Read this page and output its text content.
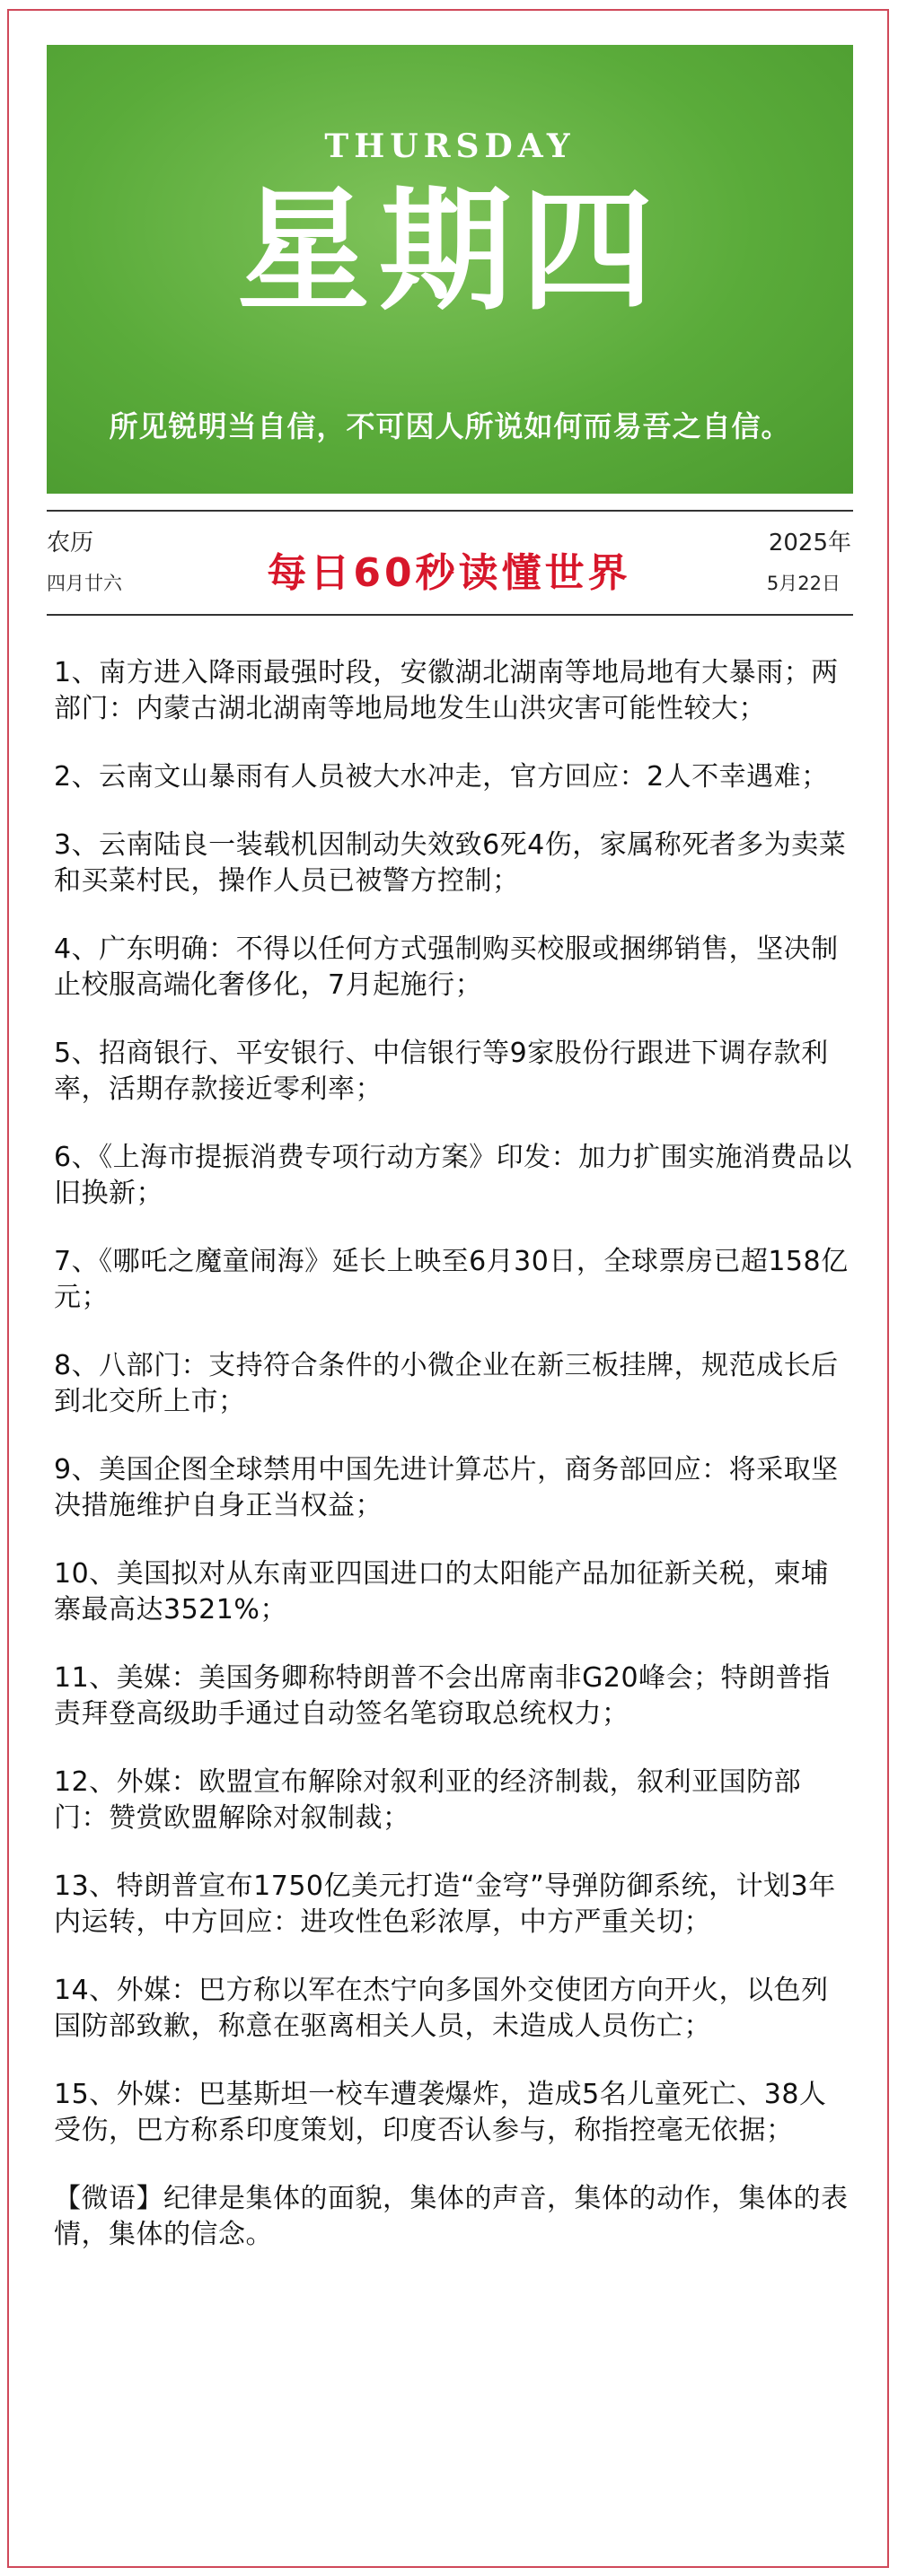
THURSDAY
星期四
所见锐明当自信，不可因人所说如何而易吾之自信。
农历
四月廿六	每日60秒读懂世界
2025年
5月22日

1、南方进入降雨最强时段，安徽湖北湖南等地局地有大暴雨；两部门：内蒙古湖北湖南等地局地发生山洪灾害可能性较大；

2、云南文山暴雨有人员被大水冲走，官方回应：2人不幸遇难；

3、云南陆良一装载机因制动失效致6死4伤，家属称死者多为卖菜和买菜村民，操作人员已被警方控制；

4、广东明确：不得以任何方式强制购买校服或捆绑销售，坚决制止校服高端化奢侈化，7月起施行；

5、招商银行、平安银行、中信银行等9家股份行跟进下调存款利率，活期存款接近零利率；

6、《上海市提振消费专项行动方案》印发：加力扩围实施消费品以旧换新；

7、《哪吒之魔童闹海》延长上映至6月30日，全球票房已超158亿元；

8、八部门：支持符合条件的小微企业在新三板挂牌，规范成长后到北交所上市；

9、美国企图全球禁用中国先进计算芯片，商务部回应：将采取坚决措施维护自身正当权益；

10、美国拟对从东南亚四国进口的太阳能产品加征新关税，柬埔寨最高达3521%；

11、美媒：美国务卿称特朗普不会出席南非G20峰会；特朗普指责拜登高级助手通过自动签名笔窃取总统权力；

12、外媒：欧盟宣布解除对叙利亚的经济制裁，叙利亚国防部门：赞赏欧盟解除对叙制裁；

13、特朗普宣布1750亿美元打造“金穹”导弹防御系统，计划3年内运转，中方回应：进攻性色彩浓厚，中方严重关切；

14、外媒：巴方称以军在杰宁向多国外交使团方向开火，以色列国防部致歉，称意在驱离相关人员，未造成人员伤亡；

15、外媒：巴基斯坦一校车遭袭爆炸，造成5名儿童死亡、38人受伤，巴方称系印度策划，印度否认参与，称指控毫无依据；

【微语】纪律是集体的面貌，集体的声音，集体的动作，集体的表情，集体的信念。
